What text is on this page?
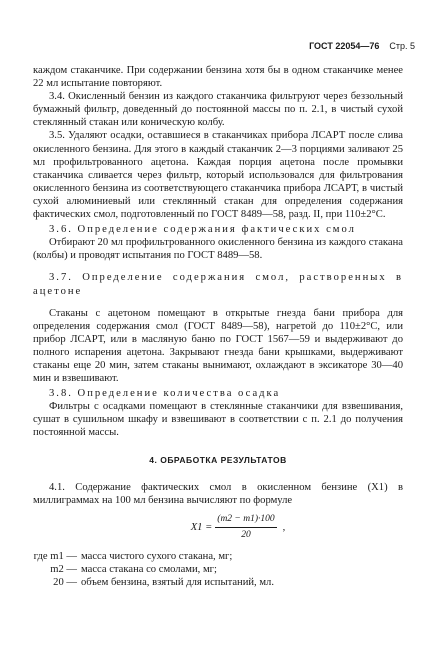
ГОСТ 22054—76 Стр. 5

каждом стаканчике. При содержании бензина хотя бы в одном стаканчике менее 22 мл испытание повторяют.

3.4. Окисленный бензин из каждого стаканчика фильтруют через беззольный бумажный фильтр, доведенный до постоянной массы по п. 2.1, в чистый сухой стеклянный стакан или коническую колбу.

3.5. Удаляют осадки, оставшиеся в стаканчиках прибора ЛСАРТ после слива окисленного бензина. Для этого в каждый стаканчик 2—3 порциями заливают 25 мл профильтрованного ацетона. Каждая порция ацетона после промывки стаканчика сливается через фильтр, который использовался для фильтрования окисленного бензина из соответствующего стаканчика прибора ЛСАРТ, в чистый сухой алюминиевый или стеклянный стакан для определения содержания фактических смол, подготовленный по ГОСТ 8489—58, разд. II, при 110±2°С.

3.6. Определение содержания фактических смол

Отбирают 20 мл профильтрованного окисленного бензина из каждого стакана (колбы) и проводят испытания по ГОСТ 8489—58.

3.7. Определение содержания смол, растворенных в ацетоне

Стаканы с ацетоном помещают в открытые гнезда бани прибора для определения содержания смол (ГОСТ 8489—58), нагретой до 110±2°С, или прибор ЛСАРТ, или в масляную баню по ГОСТ 1567—59 и выдерживают до полного испарения ацетона. Закрывают гнезда бани крышками, выдерживают стаканы еще 20 мин, затем стаканы вынимают, охлаждают в эксикаторе 30—40 мин и взвешивают.

3.8. Определение количества осадка

Фильтры с осадками помещают в стеклянные стаканчики для взвешивания, сушат в сушильном шкафу и взвешивают в соответствии с п. 2.1 до получения постоянной массы.

4. ОБРАБОТКА РЕЗУЛЬТАТОВ

4.1. Содержание фактических смол в окисленном бензине (X1) в миллиграммах на 100 мл бензина вычисляют по формуле

$X1 = \frac{(m2 - m1)\cdot 100}{20}$ ,
где m1 — масса чистого сухого стакана, мг;
m2 — масса стакана со смолами, мг;
20 — объем бензина, взятый для испытаний, мл.
